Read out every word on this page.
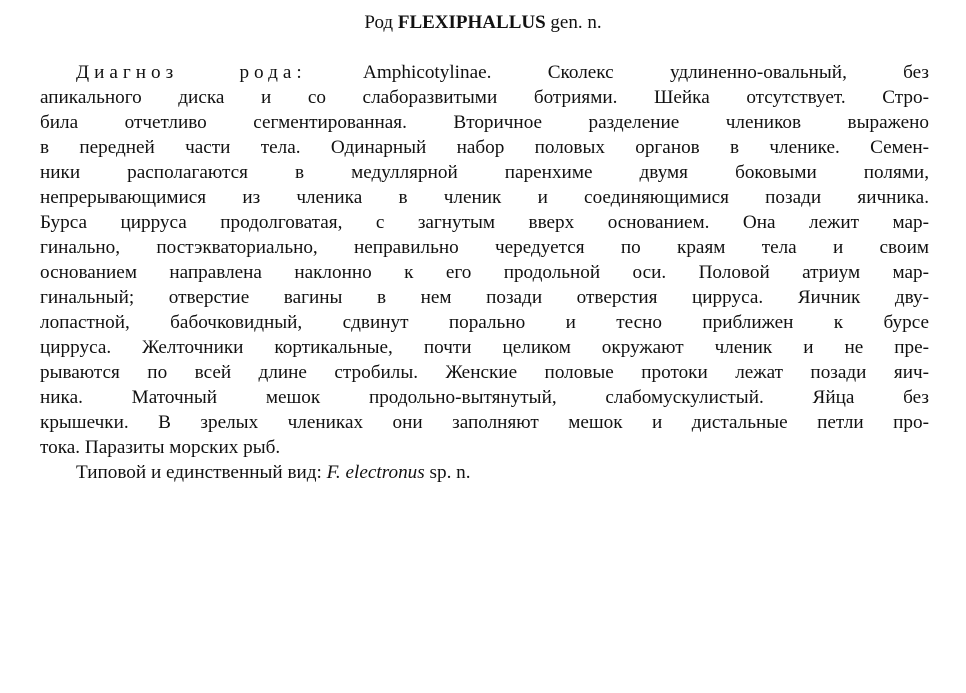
Род FLEXIPHALLUS gen. n.
Диагноз рода:	Amphicotylinae. Сколекс удлиненно-овальный, без
апикального диска и со слаборазвитыми ботриями. Шейка отсутствует. Стро-
била отчетливо сегментированная. Вторичное разделение члеников выражено
в передней части тела. Одинарный набор половых органов в членике. Семен-
ники располагаются в медуллярной паренхиме двумя боковыми полями,
непрерывающимися из членика в членик и соединяющимися позади яичника.
Бурса цирруса продолговатая, с загнутым вверх основанием. Она лежит мар-
гинально, постэкваториально, неправильно чередуется по краям тела и своим
основанием направлена наклонно к его продольной оси. Половой атриум мар-
гинальный; отверстие вагины в нем позади отверстия цирруса. Яичник дву-
лопастной, бабочковидный, сдвинут порально и тесно приближен к бурсе
цирруса. Желточники кортикальные, почти целиком окружают членик и не пре-
рываются по всей длине стробилы. Женские половые протоки лежат позади яич-
ника. Маточный мешок продольно-вытянутый, слабомускулистый. Яйца без
крышечки. В зрелых члениках они заполняют мешок и дистальные петли про-
тока. Паразиты морских рыб.
Типовой и единственный вид: F. electronus sp. n.
